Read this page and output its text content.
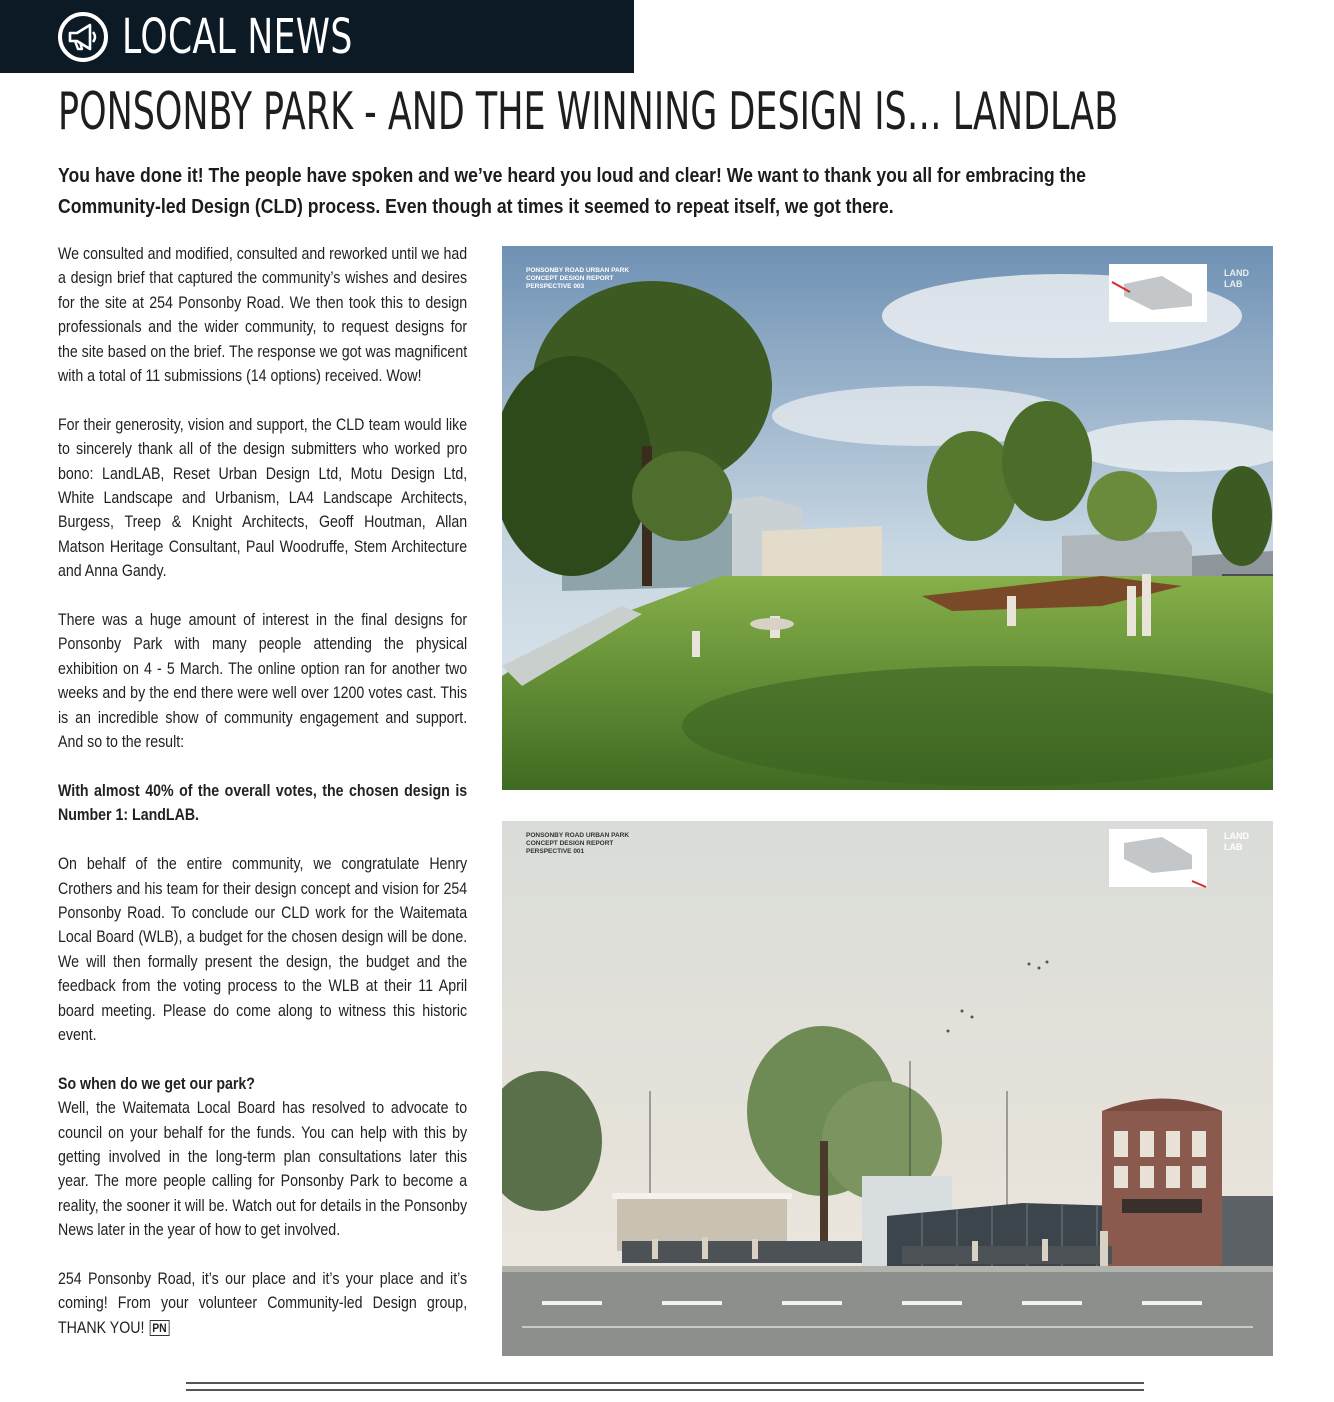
LOCAL NEWS
PONSONBY PARK - AND THE WINNING DESIGN IS… LANDLAB

You have done it! The people have spoken and we’ve heard you loud and clear! We want to thank you all for embracing the Community-led Design (CLD) process. Even though at times it seemed to repeat itself, we got there.

We consulted and modified, consulted and reworked until we had a design brief that captured the community’s wishes and desires for the site at 254 Ponsonby Road. We then took this to design professionals and the wider community, to request designs for the site based on the brief. The response we got was magnificent with a total of 11 submissions (14 options) received. Wow!

For their generosity, vision and support, the CLD team would like to sincerely thank all of the design submitters who worked pro bono: LandLAB, Reset Urban Design Ltd, Motu Design Ltd, White Landscape and Urbanism, LA4 Landscape Architects, Burgess, Treep & Knight Architects, Geoff Houtman, Allan Matson Heritage Consultant, Paul Woodruffe, Stem Architecture and Anna Gandy.

There was a huge amount of interest in the final designs for Ponsonby Park with many people attending the physical exhibition on 4 - 5 March. The online option ran for another two weeks and by the end there were well over 1200 votes cast. This is an incredible show of community engagement and support. And so to the result:

With almost 40% of the overall votes, the chosen design is Number 1: LandLAB.

On behalf of the entire community, we congratulate Henry Crothers and his team for their design concept and vision for 254 Ponsonby Road. To conclude our CLD work for the Waitemata Local Board (WLB), a budget for the chosen design will be done. We will then formally present the design, the budget and the feedback from the voting process to the WLB at their 11 April board meeting. Please do come along to witness this historic event.

So when do we get our park?
Well, the Waitemata Local Board has resolved to advocate to council on your behalf for the funds. You can help with this by getting involved in the long-term plan consultations later this year. The more people calling for Ponsonby Park to become a reality, the sooner it will be. Watch out for details in the Ponsonby News later in the year of how to get involved.

254 Ponsonby Road, it’s our place and it’s your place and it’s coming! From your volunteer Community-led Design group, THANK YOU! PN

PONSONBY ROAD URBAN PARK
CONCEPT DESIGN REPORT
PERSPECTIVE 003
LAND
LAB
PONSONBY ROAD URBAN PARK
CONCEPT DESIGN REPORT
PERSPECTIVE 001
LAND
LAB
